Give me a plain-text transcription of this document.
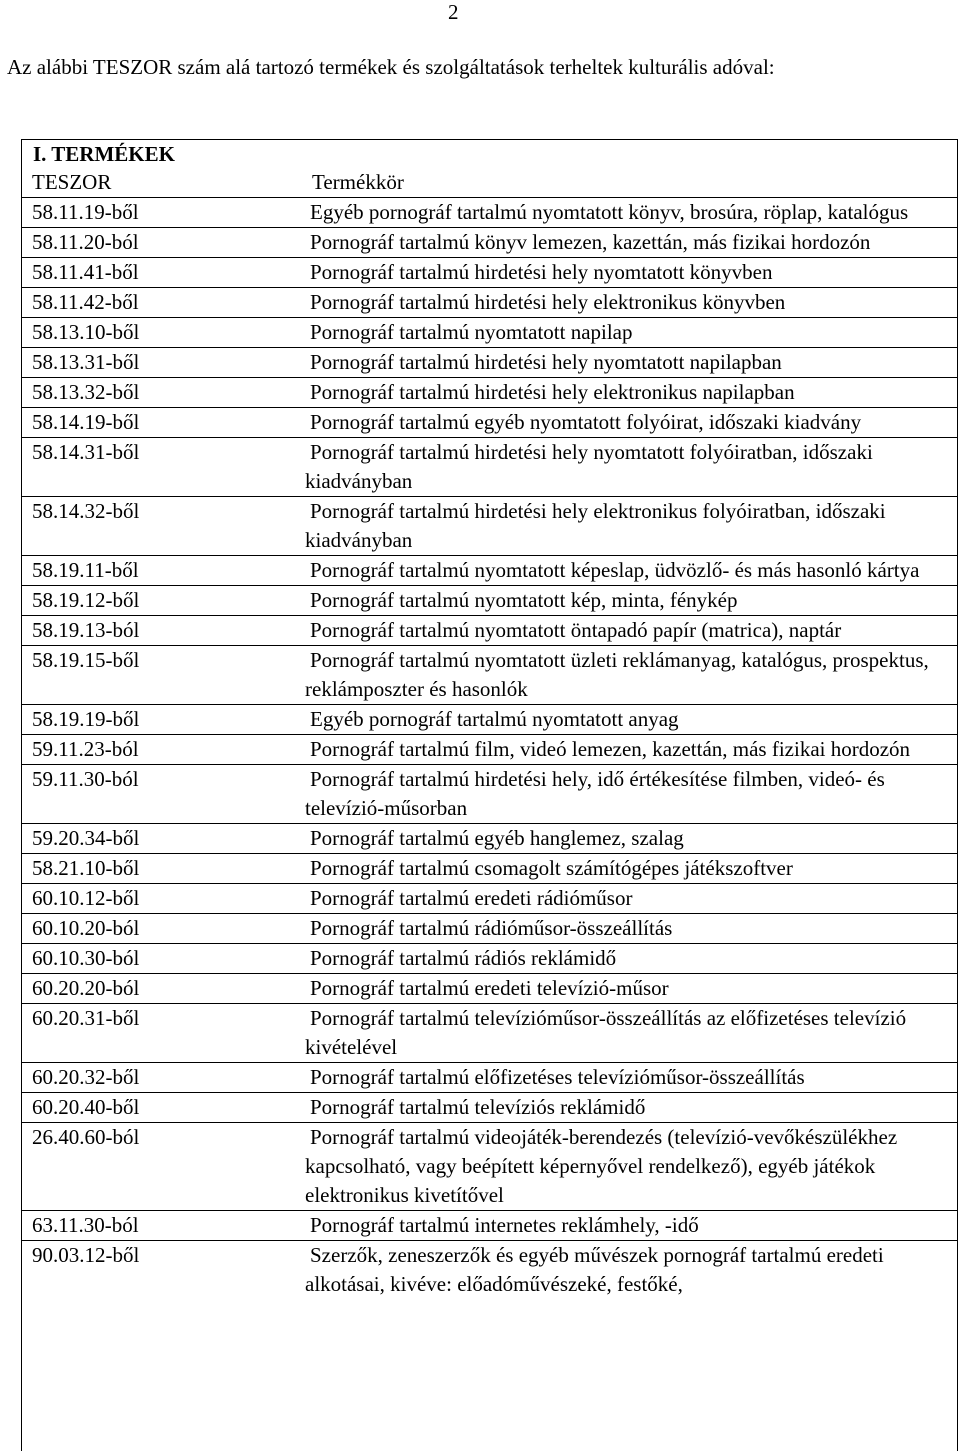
2
Az alábbi TESZOR szám alá tartozó termékek és szolgáltatások terheltek kulturális adóval:
I. TERMÉKEK
TESZOR	Termékkör
58.11.19-ből	Egyéb pornográf tartalmú nyomtatott könyv, brosúra, röplap, katalógus
58.11.20-ból	Pornográf tartalmú könyv lemezen, kazettán, más fizikai hordozón
58.11.41-ből	Pornográf tartalmú hirdetési hely nyomtatott könyvben
58.11.42-ből	Pornográf tartalmú hirdetési hely elektronikus könyvben
58.13.10-ből	Pornográf tartalmú nyomtatott napilap
58.13.31-ből	Pornográf tartalmú hirdetési hely nyomtatott napilapban
58.13.32-ből	Pornográf tartalmú hirdetési hely elektronikus napilapban
58.14.19-ből	Pornográf tartalmú egyéb nyomtatott folyóirat, időszaki kiadvány
58.14.31-ből	Pornográf tartalmú hirdetési hely nyomtatott folyóiratban, időszaki kiadványban
58.14.32-ből	Pornográf tartalmú hirdetési hely elektronikus folyóiratban, időszaki kiadványban
58.19.11-ből	Pornográf tartalmú nyomtatott képeslap, üdvözlő- és más hasonló kártya
58.19.12-ből	Pornográf tartalmú nyomtatott kép, minta, fénykép
58.19.13-ból	Pornográf tartalmú nyomtatott öntapadó papír (matrica), naptár
58.19.15-ből	Pornográf tartalmú nyomtatott üzleti reklámanyag, katalógus, prospektus, reklámposzter és hasonlók
58.19.19-ből	Egyéb pornográf tartalmú nyomtatott anyag
59.11.23-ból	Pornográf tartalmú film, videó lemezen, kazettán, más fizikai hordozón
59.11.30-ból	Pornográf tartalmú hirdetési hely, idő értékesítése filmben, videó- és televízió-műsorban
59.20.34-ből	Pornográf tartalmú egyéb hanglemez, szalag
58.21.10-ből	Pornográf tartalmú csomagolt számítógépes játékszoftver
60.10.12-ből	Pornográf tartalmú eredeti rádióműsor
60.10.20-ból	Pornográf tartalmú rádióműsor-összeállítás
60.10.30-ból	Pornográf tartalmú rádiós reklámidő
60.20.20-ból	Pornográf tartalmú eredeti televízió-műsor
60.20.31-ből	Pornográf tartalmú televízióműsor-összeállítás az előfizetéses televízió kivételével
60.20.32-ből	Pornográf tartalmú előfizetéses televízióműsor-összeállítás
60.20.40-ből	Pornográf tartalmú televíziós reklámidő
26.40.60-ból	Pornográf tartalmú videojáték-berendezés (televízió-vevőkészülékhez kapcsolható, vagy beépített képernyővel rendelkező), egyéb játékok elektronikus kivetítővel
63.11.30-ból	Pornográf tartalmú internetes reklámhely, -idő
90.03.12-ből	Szerzők, zeneszerzők és egyéb művészek pornográf tartalmú eredeti alkotásai, kivéve: előadóművészeké, festőké,
